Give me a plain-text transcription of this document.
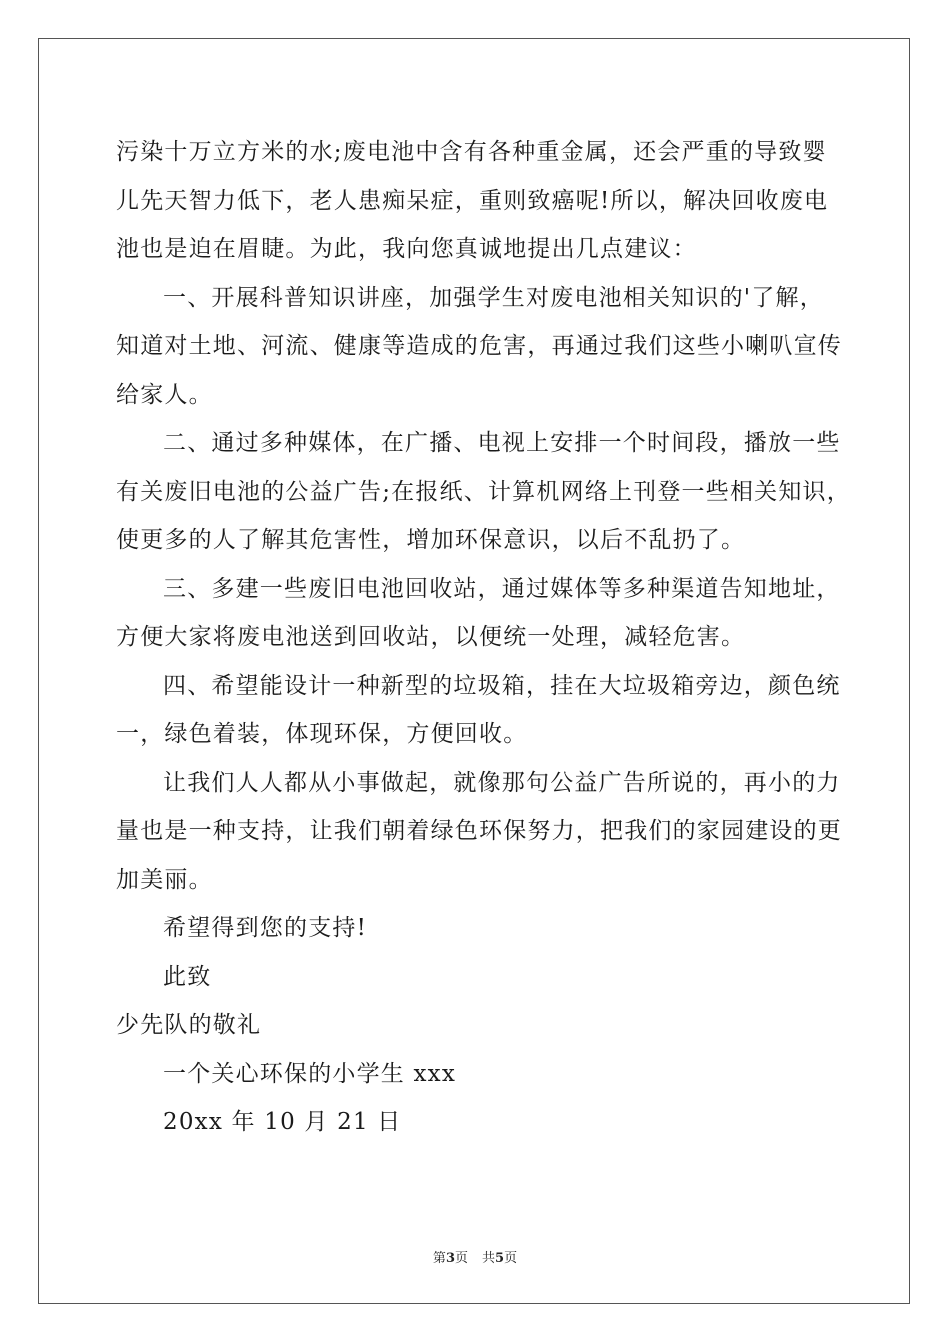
污染十万立方米的水;废电池中含有各种重金属，还会严重的导致婴
儿先天智力低下，老人患痴呆症，重则致癌呢!所以，解决回收废电
池也是迫在眉睫。为此，我向您真诚地提出几点建议：
一、开展科普知识讲座，加强学生对废电池相关知识的'了解，
知道对土地、河流、健康等造成的危害，再通过我们这些小喇叭宣传
给家人。
二、通过多种媒体，在广播、电视上安排一个时间段，播放一些
有关废旧电池的公益广告;在报纸、计算机网络上刊登一些相关知识，
使更多的人了解其危害性，增加环保意识，以后不乱扔了。
三、多建一些废旧电池回收站，通过媒体等多种渠道告知地址，
方便大家将废电池送到回收站，以便统一处理，减轻危害。
四、希望能设计一种新型的垃圾箱，挂在大垃圾箱旁边，颜色统
一，绿色着装，体现环保，方便回收。
让我们人人都从小事做起，就像那句公益广告所说的，再小的力
量也是一种支持，让我们朝着绿色环保努力，把我们的家园建设的更
加美丽。
希望得到您的支持!
此致
少先队的敬礼
一个关心环保的小学生 xxx
20xx 年 10 月 21 日
第3页 共5页
